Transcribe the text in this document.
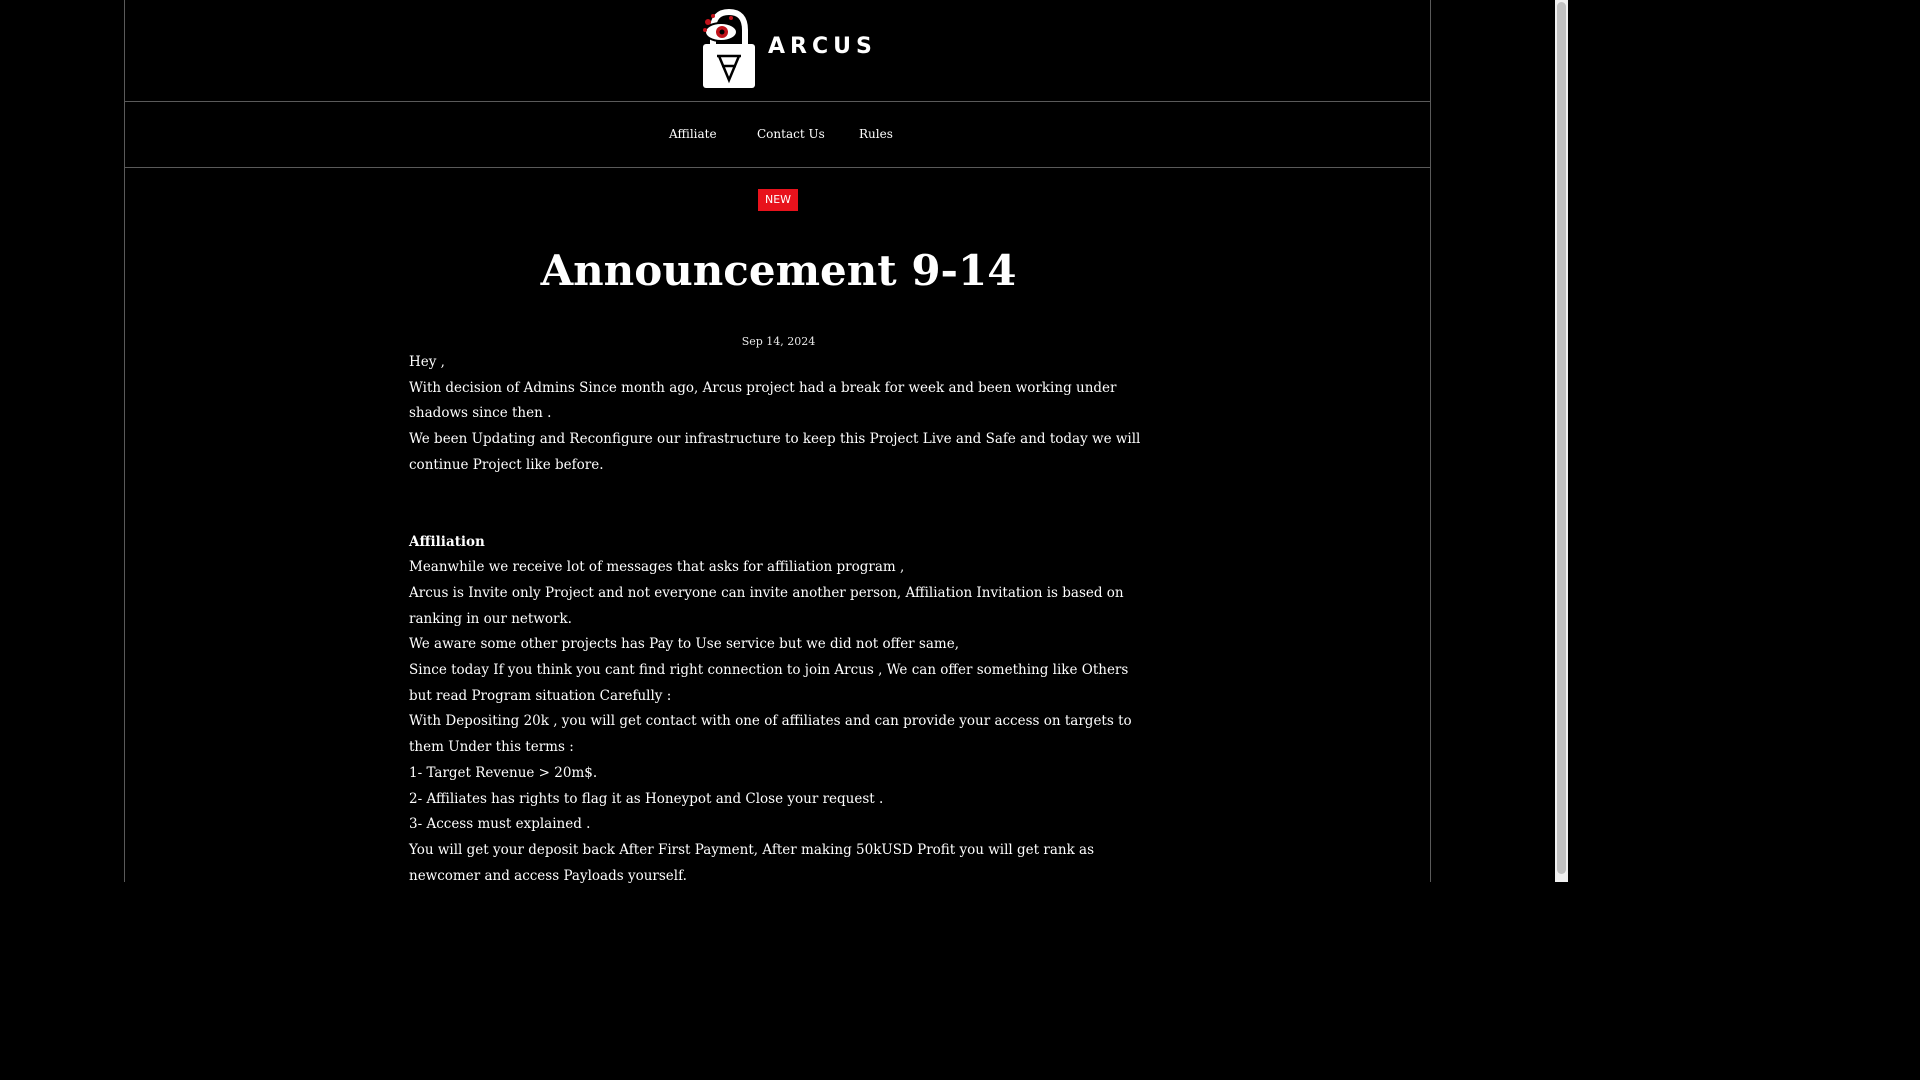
ARCUS
Affiliate	Contact Us	Rules
NEW
Announcement 9-14
Sep 14, 2024

Hey ,

With decision of Admins Since month ago, Arcus project had a break for week and been working under shadows since then .

We been Updating and Reconfigure our infrastructure to keep this Project Live and Safe and today we will continue Project like before.

Affiliation

Meanwhile we receive lot of messages that asks for affiliation program ,

Arcus is Invite only Project and not everyone can invite another person, Affiliation Invitation is based on ranking in our network.

We aware some other projects has Pay to Use service but we did not offer same,

Since today If you think you cant find right connection to join Arcus , We can offer something like Others but read Program situation Carefully :

With Depositing 20k , you will get contact with one of affiliates and can provide your access on targets to them Under this terms :

1- Target Revenue > 20m$.

2- Affiliates has rights to flag it as Honeypot and Close your request .

3- Access must explained .

You will get your deposit back After First Payment, After making 50kUSD Profit you will get rank as newcomer and access Payloads yourself.
